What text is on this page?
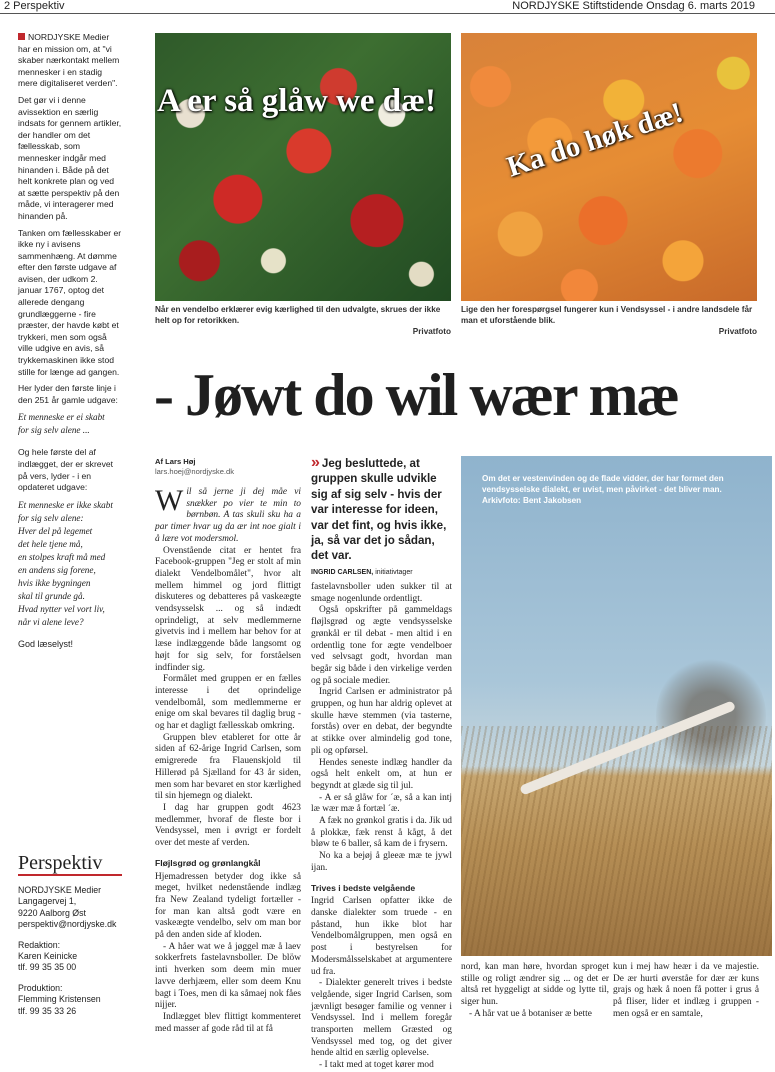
2 Perspektiv	NORDJYSKE Stiftstidende Onsdag 6. marts 2019

NORDJYSKE Medier har en mission om, at "vi skaber nærkontakt mellem mennesker i en stadig mere digitaliseret verden".

Det gør vi i denne avissektion en særlig indsats for gennem artikler, der handler om det fællesskab, som mennesker indgår med hinanden i. Både på det helt konkrete plan og ved at sætte perspektiv på den måde, vi interagerer med hinanden på.

Tanken om fællesskaber er ikke ny i avisens sammenhæng. At dømme efter den første udgave af avisen, der udkom 2. januar 1767, optog det allerede dengang grundlæggerne - fire præster, der havde købt et trykkeri, men som også ville udgive en avis, så trykkemaskinen ikke stod stille for længe ad gangen.

Her lyder den første linje i den 251 år gamle udgave:

Et menneske er ei skabt
for sig selv alene ...

Og hele første del af indlægget, der er skrevet på vers, lyder - i en opdateret udgave:

Et menneske er ikke skabt
for sig selv alene:
Hver del på legemet
det hele tjene må,
en stolpes kraft må med
en andens sig forene,
hvis ikke bygningen
skal til grunde gå.
Hvad nytter vel vort liv,
når vi alene leve?

God læselyst!

Perspektiv
NORDJYSKE Medier
Langagervej 1,
9220 Aalborg Øst
perspektiv@nordjyske.dk
Redaktion:
Karen Keinicke
tlf. 99 35 35 00
Produktion:
Flemming Kristensen
tlf. 99 35 33 26
A er så glåw we dæ! Ka do høk dæ!
Når en vendelbo erklærer evig kærlighed til den udvalgte, skrues der ikke helt op for retorikken.
Privatfoto
Lige den her forespørgsel fungerer kun i Vendsyssel - i andre landsdele får man et uforstående blik.
Privatfoto
- Jøwt do wil wær mæ
Af Lars Høj
lars.hoej@nordjyske.dk

Wil så jerne ji dej måe vi snækker po vier te min to børnbøn. A tas skuli sku ha a par timer hvar ug da ær int noe gialt i å lære vot modersmol.

Ovenstående citat er hentet fra Facebook-gruppen "Jeg er stolt af min dialekt Vendelbomålet", hvor alt mellem himmel og jord flittigt diskuteres og debatteres på vaskeægte vendsysselsk ... og så indædt oprindeligt, at selv medlemmerne givetvis ind i mellem har behov for at læse indlæggende både langsomt og højt for sig selv, for forståelsen indfinder sig.

Formålet med gruppen er en fælles interesse i det oprindelige vendelbomål, som medlemmerne er enige om skal bevares til daglig brug - og har et dagligt fællesskab omkring.

Gruppen blev etableret for otte år siden af 62-årige Ingrid Carlsen, som emigrerede fra Flauenskjold til Hillerød på Sjælland for 43 år siden, men som har bevaret en stor kærlighed til sin hjemegn og dialekt.

I dag har gruppen godt 4623 medlemmer, hvoraf de fleste bor i Vendsyssel, men i øvrigt er fordelt over det meste af verden.

Fløjlsgrød og grønlangkål

Hjemadressen betyder dog ikke så meget, hvilket nedenstående indlæg fra New Zealand tydeligt fortæller - for man kan altså godt være en vaskeægte vendelbo, selv om man bor på den anden side af kloden.

- A håer wat we å jøggel mæ å laev sokkerfrets fastelavnsboller. De blöw inti hverken som deem min muer lavve derhjæem, eller som deem Knu bagt i Toes, men di ka såmaej nok fåes nijjer.

Indlægget blev flittigt kommenteret med masser af gode råd til at få

» Jeg besluttede, at gruppen skulle udvikle sig af sig selv - hvis der var interesse for ideen, var det fint, og hvis ikke, ja, så var det jo sådan, det var.
INGRID CARLSEN, initiativtager

fastelavnsboller uden sukker til at smage nogenlunde ordentligt.

Også opskrifter på gammeldags fløjlsgrød og ægte vendsysselske grønkål er til debat - men altid i en ordentlig tone for ægte vendelboer ved selvsagt godt, hvordan man begår sig både i den virkelige verden og på sociale medier.

Ingrid Carlsen er administrator på gruppen, og hun har aldrig oplevet at skulle hæve stemmen (via tasterne, forstås) over en debat, der begyndte at stikke over almindelig god tone, pli og opførsel.

Hendes seneste indlæg handler da også helt enkelt om, at hun er begyndt at glæde sig til jul.

- A er så glåw for ´æ, så a kan intj læ wær mæ å fortæl ´æ.

A fæk no grønkol gratis i da. Jik ud å plokkæ, fæk renst å kågt, å det bløw te 6 baller, så kam de i frysern.

No ka a bejøj å gleeæ mæ te jywl ijan.

Trives i bedste velgående

Ingrid Carlsen opfatter ikke de danske dialekter som truede - en påstand, hun ikke blot har Vendelbomålgruppen, men også en post i bestyrelsen for Modersmålsselskabet at argumentere ud fra.

- Dialekter generelt trives i bedste velgående, siger Ingrid Carlsen, som jævnligt besøger familie og venner i Vendsyssel. Ind i mellem foregår transporten mellem Græsted og Vendsyssel med tog, og det giver hende altid en særlig oplevelse.

- I takt med at toget kører mod

Om det er vestenvinden og de flade vidder, der har formet den vendsysselske dialekt, er uvist, men påvirket - det bliver man. Arkivfoto: Bent Jakobsen

nord, kan man høre, hvordan sproget stille og roligt ændrer sig ... og det er altså ret hyggeligt at sidde og lytte til, siger hun.

- A hår vat ue å botaniser æ bette

kun i mej haw heær i da ve majestie. De ær hurti øverståe for dær ær kuns grajs og hæk å noen få potter i grus å på fliser, lider et indlæg i gruppen - men også er en samtale,
